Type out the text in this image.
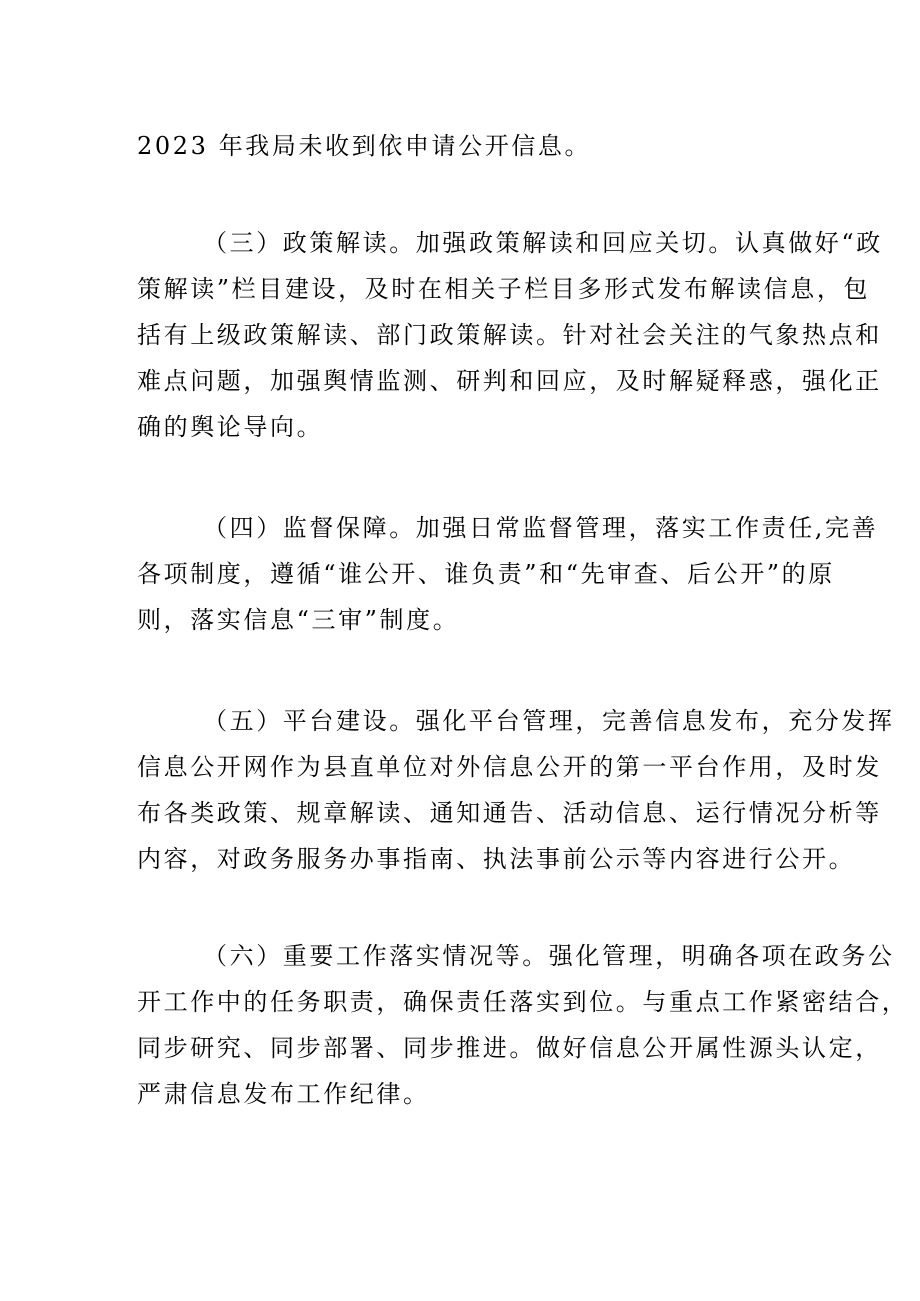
2023 年我局未收到依申请公开信息。

（三）政策解读。加强政策解读和回应关切。认真做好“政
策解读”栏目建设，及时在相关子栏目多形式发布解读信息，包
括有上级政策解读、部门政策解读。针对社会关注的气象热点和
难点问题，加强舆情监测、研判和回应，及时解疑释惑，强化正
确的舆论导向。

（四）监督保障。加强日常监督管理，落实工作责任,完善
各项制度，遵循“谁公开、谁负责”和“先审查、后公开”的原
则，落实信息“三审”制度。

（五）平台建设。强化平台管理，完善信息发布，充分发挥
信息公开网作为县直单位对外信息公开的第一平台作用，及时发
布各类政策、规章解读、通知通告、活动信息、运行情况分析等
内容，对政务服务办事指南、执法事前公示等内容进行公开。

（六）重要工作落实情况等。强化管理，明确各项在政务公
开工作中的任务职责，确保责任落实到位。与重点工作紧密结合，
同步研究、同步部署、同步推进。做好信息公开属性源头认定，
严肃信息发布工作纪律。
